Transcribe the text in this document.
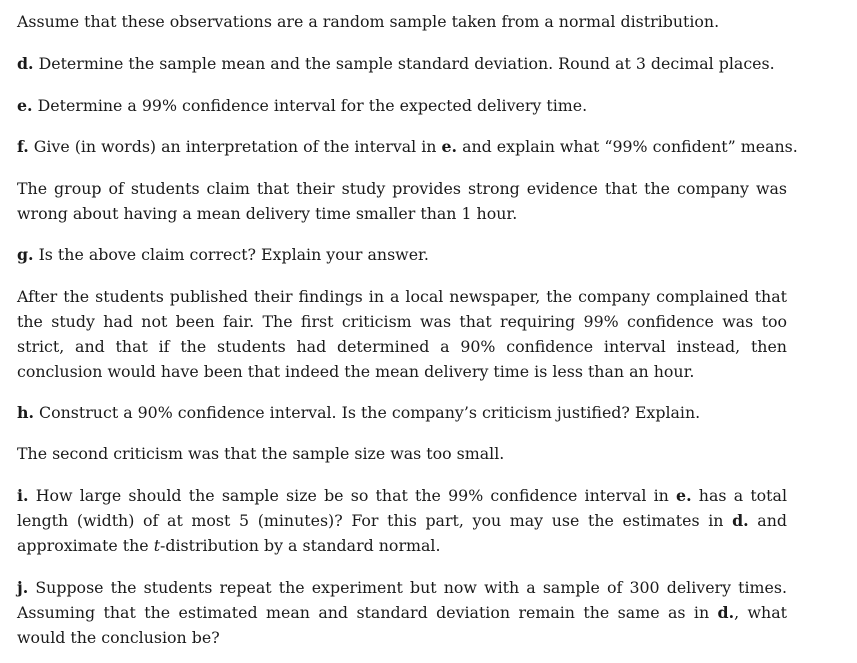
Assume that these observations are a random sample taken from a normal distribution.

d. Determine the sample mean and the sample standard deviation. Round at 3 decimal places.

e. Determine a 99% confidence interval for the expected delivery time.

f. Give (in words) an interpretation of the interval in e. and explain what “99% confident” means.

The group of students claim that their study provides strong evidence that the company was wrong about having a mean delivery time smaller than 1 hour.

g. Is the above claim correct? Explain your answer.

After the students published their findings in a local newspaper, the company complained that the study had not been fair. The first criticism was that requiring 99% confidence was too strict, and that if the students had determined a 90% confidence interval instead, then conclusion would have been that indeed the mean delivery time is less than an hour.

h. Construct a 90% confidence interval. Is the company’s criticism justified? Explain.

The second criticism was that the sample size was too small.

i. How large should the sample size be so that the 99% confidence interval in e. has a total length (width) of at most 5 (minutes)? For this part, you may use the estimates in d. and approximate the t-distribution by a standard normal.

j. Suppose the students repeat the experiment but now with a sample of 300 delivery times. Assuming that the estimated mean and standard deviation remain the same as in d., what would the conclusion be?
